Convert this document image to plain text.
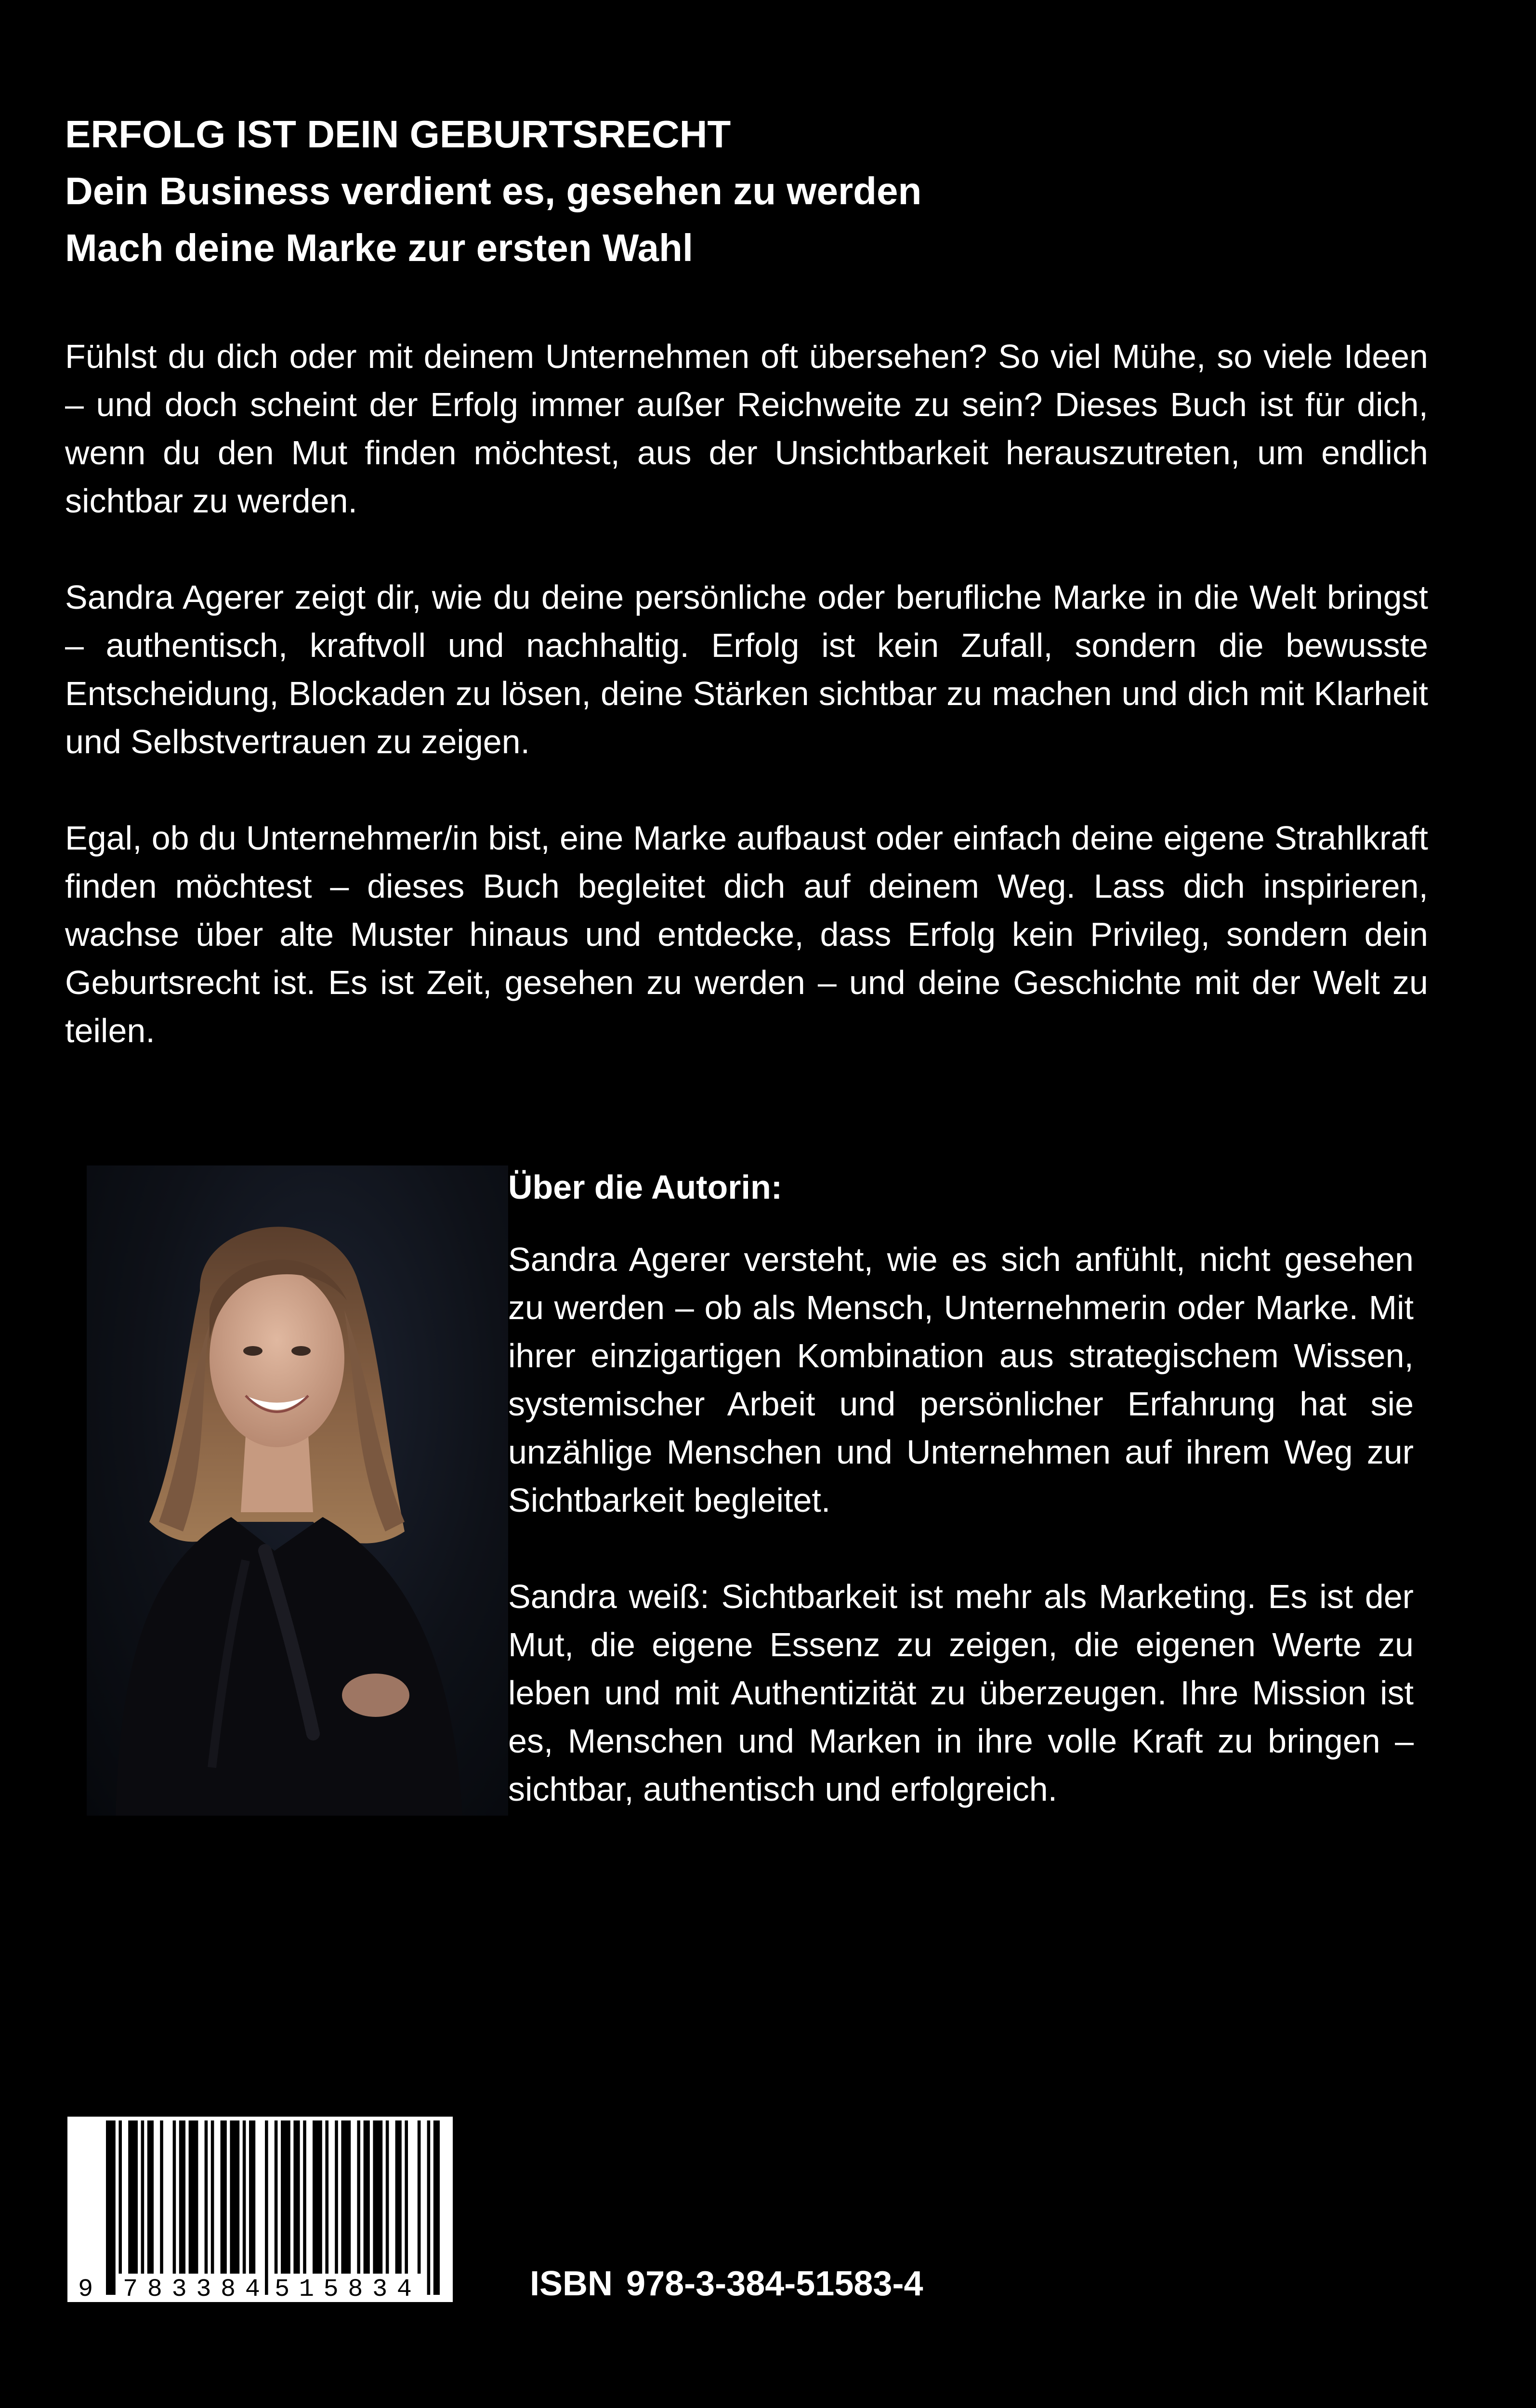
ERFOLG IST DEIN GEBURTSRECHT
Dein Business verdient es, gesehen zu werden
Mach deine Marke zur ersten Wahl

Fühlst du dich oder mit deinem Unternehmen oft übersehen? So viel Mühe, so viele Ideen – und doch scheint der Erfolg immer außer Reichweite zu sein? Dieses Buch ist für dich, wenn du den Mut finden möchtest, aus der Unsichtbarkeit herauszutreten, um endlich sichtbar zu werden.

Sandra Agerer zeigt dir, wie du deine persönliche oder berufliche Marke in die Welt bringst – authentisch, kraftvoll und nachhaltig. Erfolg ist kein Zufall, sondern die bewusste Entscheidung, Blockaden zu lösen, deine Stärken sichtbar zu machen und dich mit Klarheit und Selbstvertrauen zu zeigen.

Egal, ob du Unternehmer/in bist, eine Marke aufbaust oder einfach deine eigene Strahlkraft finden möchtest – dieses Buch begleitet dich auf deinem Weg. Lass dich inspirieren, wachse über alte Muster hinaus und entdecke, dass Erfolg kein Privileg, sondern dein Geburtsrecht ist. Es ist Zeit, gesehen zu werden – und deine Geschichte mit der Welt zu teilen.

Über die Autorin:

Sandra Agerer versteht, wie es sich anfühlt, nicht gesehen zu werden – ob als Mensch, Unternehmerin oder Marke. Mit ihrer einzigartigen Kombination aus strategischem Wissen, systemischer Arbeit und persönlicher Erfahrung hat sie unzählige Menschen und Unternehmen auf ihrem Weg zur Sichtbarkeit begleitet.

Sandra weiß: Sichtbarkeit ist mehr als Marketing. Es ist der Mut, die eigene Essenz zu zeigen, die eigenen Werte zu leben und mit Authentizität zu überzeugen. Ihre Mission ist es, Menschen und Marken in ihre volle Kraft zu bringen – sichtbar, authentisch und erfolgreich.

9 783384 515834	ISBN 978-3-384-51583-4
